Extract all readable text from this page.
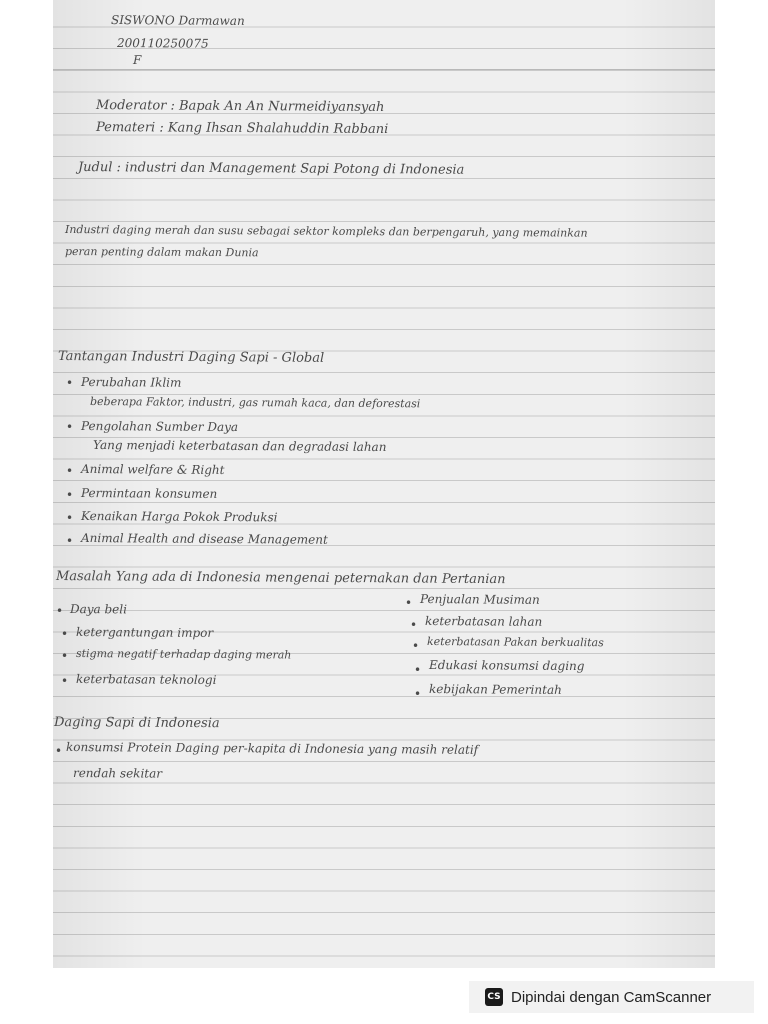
SISWONO Darmawan
200110250075
F
Moderator : Bapak An An Nurmeidiyansyah
Pemateri : Kang Ihsan Shalahuddin Rabbani
Judul : industri dan Management Sapi Potong di Indonesia
Industri daging merah dan susu sebagai sektor kompleks dan berpengaruh, yang memainkan
peran penting dalam makan Dunia
Tantangan Industri Daging Sapi - Global
• Perubahan Iklim
beberapa Faktor, industri, gas rumah kaca, dan deforestasi
• Pengolahan Sumber Daya
Yang menjadi keterbatasan dan degradasi lahan
• Animal welfare & Right
• Permintaan konsumen
• Kenaikan Harga Pokok Produksi
• Animal Health and disease Management
Masalah Yang ada di Indonesia mengenai peternakan dan Pertanian
• Daya beli
• ketergantungan impor
• stigma negatif terhadap daging merah
• keterbatasan teknologi
• Penjualan Musiman
• keterbatasan lahan
• keterbatasan Pakan berkualitas
• Edukasi konsumsi daging
• kebijakan Pemerintah
Daging Sapi di Indonesia
• konsumsi Protein Daging per-kapita di Indonesia yang masih relatif
rendah sekitar
CS Dipindai dengan CamScanner
